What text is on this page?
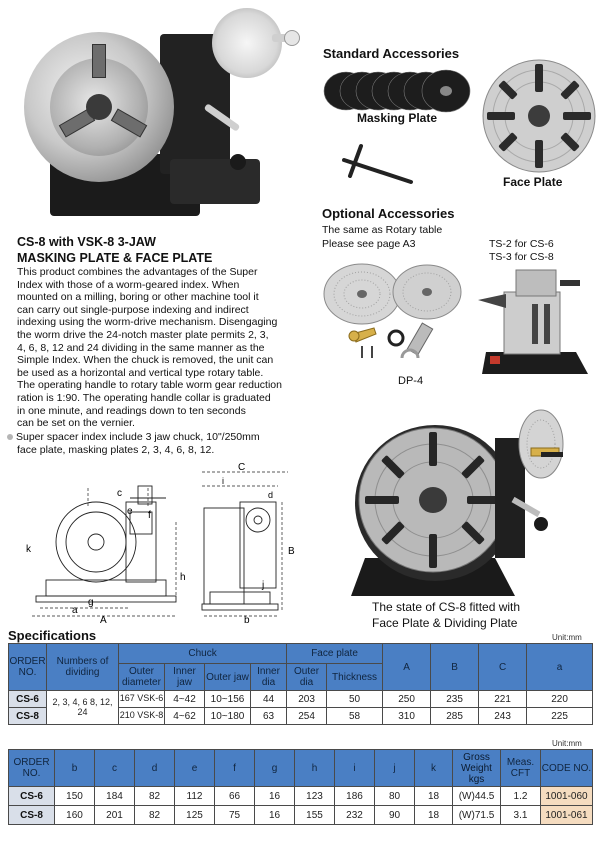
Standard Accessories
Masking Plate
Face Plate
Optional Accessories
The same as Rotary table
Please see page A3	TS-2 for CS-6
TS-3 for CS-8
DP-4
CS-8 with VSK-8 3-JAW
MASKING PLATE & FACE PLATE
This product combines the advantages of the Super
Index with those of a worm-geared index. When
mounted on a milling, boring or other machine tool it
can carry out single-purpose indexing and indirect
indexing using the worm-drive mechanism. Disengaging
the worm drive the 24-notch master plate permits 2, 3,
4, 6, 8, 12 and 24 dividing in the same manner as the
Simple Index. When the chuck is removed, the unit can
be used as a horizontal and vertical type rotary table.
The operating handle to rotary table worm gear reduction
ration is 1:90. The operating handle collar is graduated
in one minute, and readings down to ten seconds
can be set on the vernier.
Super spacer index include 3 jaw chuck, 10"/250mm
face plate, masking plates 2, 3, 4, 6, 8, 12.
c
e f
k
h
g
a
A
C
B
j
b
i
d
The state of CS-8 fitted with
Face Plate & Dividing Plate
Specifications	Unit:mm
ORDER NO.	Numbers of dividing	Chuck				Face plate		A	B	C	a
		Outer diameter	Inner jaw	Outer jaw	Inner dia	Outer dia	Thickness				
CS-6	2, 3, 4, 6 8, 12, 24	167 VSK-6	4~42	10~156	44	203	50	250	235	221	220
CS-8		210 VSK-8	4~62	10~180	63	254	58	310	285	243	225
Unit:mm
ORDER NO.	b	c	d	e	f	g	h	i	j	k	Gross Weight kgs	Meas. CFT	CODE NO.
CS-6	150	184	82	112	66	16	123	186	80	18	(W)44.5	1.2	1001-060
CS-8	160	201	82	125	75	16	155	232	90	18	(W)71.5	3.1	1001-061
